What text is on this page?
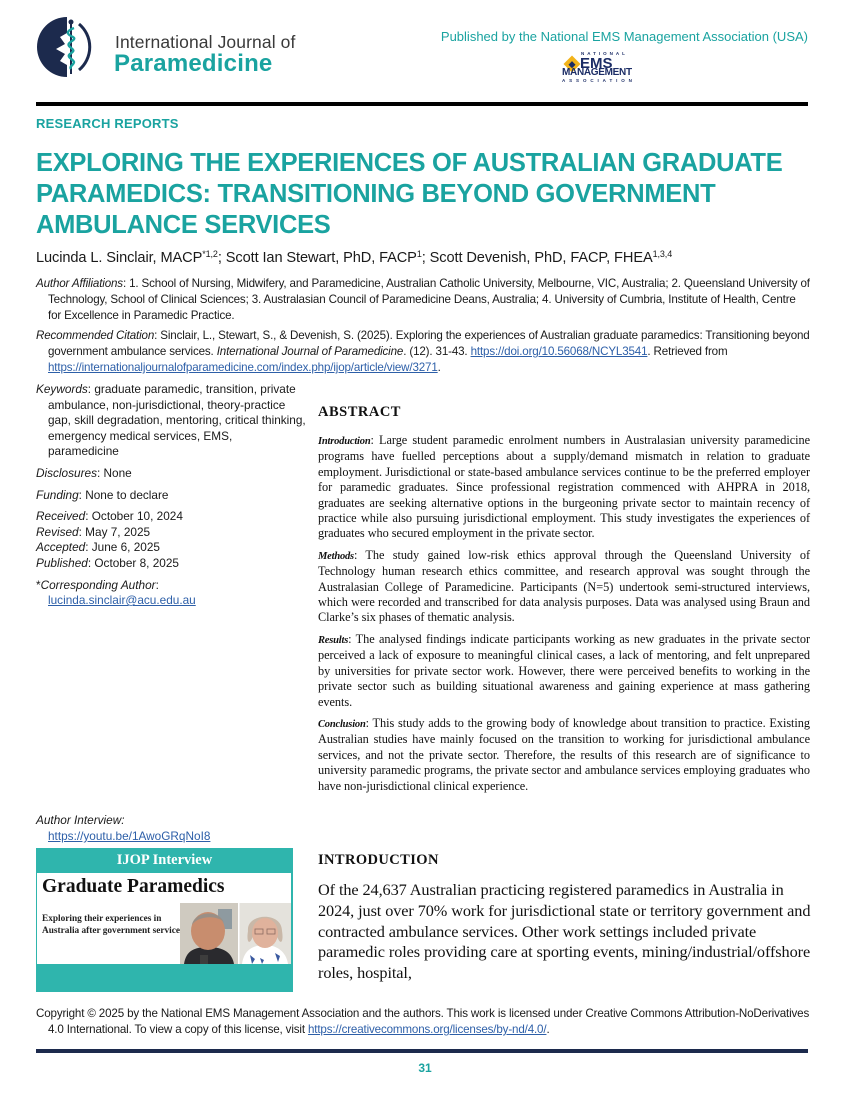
International Journal of
Paramedicine
Published by the National EMS Management Association (USA)
NATIONAL
EMS
MANAGEMENT
ASSOCIATION
RESEARCH REPORTS
EXPLORING THE EXPERIENCES OF AUSTRALIAN GRADUATE PARAMEDICS: TRANSITIONING BEYOND GOVERNMENT AMBULANCE SERVICES
Lucinda L. Sinclair, MACP$^{*1,2}$; Scott Ian Stewart, PhD, FACP$^1$; Scott Devenish, PhD, FACP, FHEA$^{1,3,4}$
Author Affiliations: 1. School of Nursing, Midwifery, and Paramedicine, Australian Catholic University, Melbourne, VIC, Australia; 2. Queensland University of Technology, School of Clinical Sciences; 3. Australasian Council of Paramedicine Deans, Australia; 4. University of Cumbria, Institute of Health, Centre for Excellence in Paramedic Practice.
Recommended Citation: Sinclair, L., Stewart, S., & Devenish, S. (2025). Exploring the experiences of Australian graduate paramedics: Transitioning beyond government ambulance services. International Journal of Paramedicine. (12). 31-43. https://doi.org/10.56068/NCYL3541. Retrieved from https://internationaljournalofparamedicine.com/index.php/ijop/article/view/3271.
Keywords: graduate paramedic, transition, private ambulance, non-jurisdictional, theory-practice gap, skill degradation, mentoring, critical thinking, emergency medical services, EMS, paramedicine
Disclosures: None
Funding: None to declare
Received: October 10, 2024
Revised: May 7, 2025
Accepted: June 6, 2025
Published: October 8, 2025
*Corresponding Author: lucinda.sinclair@acu.edu.au
Author Interview:
https://youtu.be/1AwoGRqNoI8
IJOP Interview
Graduate Paramedics
Exploring their experiences in Australia after government service
ABSTRACT

Introduction: Large student paramedic enrolment numbers in Australasian university paramedicine programs have fuelled perceptions about a supply/demand mismatch in relation to graduate employment. Jurisdictional or state-based ambulance services continue to be the preferred employer for paramedic graduates. Since professional registration commenced with AHPRA in 2018, graduates are seeking alternative options in the burgeoning private sector to maintain recency of practice while also pursuing jurisdictional employment. This study investigates the experiences of graduates who secured employment in the private sector.

Methods: The study gained low-risk ethics approval through the Queensland University of Technology human research ethics committee, and research approval was sought through the Australasian College of Paramedicine. Participants (N=5) undertook semi-structured interviews, which were recorded and transcribed for data analysis purposes. Data was analysed using Braun and Clarke’s six phases of thematic analysis.

Results: The analysed findings indicate participants working as new graduates in the private sector perceived a lack of exposure to meaningful clinical cases, a lack of mentoring, and felt unprepared by universities for private sector work. However, there were perceived benefits to working in the private sector such as building situational awareness and gaining experience at mass gathering events.

Conclusion: This study adds to the growing body of knowledge about transition to practice. Existing Australian studies have mainly focused on the transition to working for jurisdictional ambulance services, and not the private sector. Therefore, the results of this research are of significance to university paramedic programs, the private sector and ambulance services employing graduates who have non-jurisdictional clinical experience.

INTRODUCTION

Of the 24,637 Australian practicing registered paramedics in Australia in 2024, just over 70% work for jurisdictional state or territory government and contracted ambulance services. Other work settings included private paramedic roles providing care at sporting events, mining/industrial/offshore roles, hospital,

Copyright © 2025 by the National EMS Management Association and the authors. This work is licensed under Creative Commons Attribution-NoDerivatives 4.0 International. To view a copy of this license, visit https://creativecommons.org/licenses/by-nd/4.0/.
31
